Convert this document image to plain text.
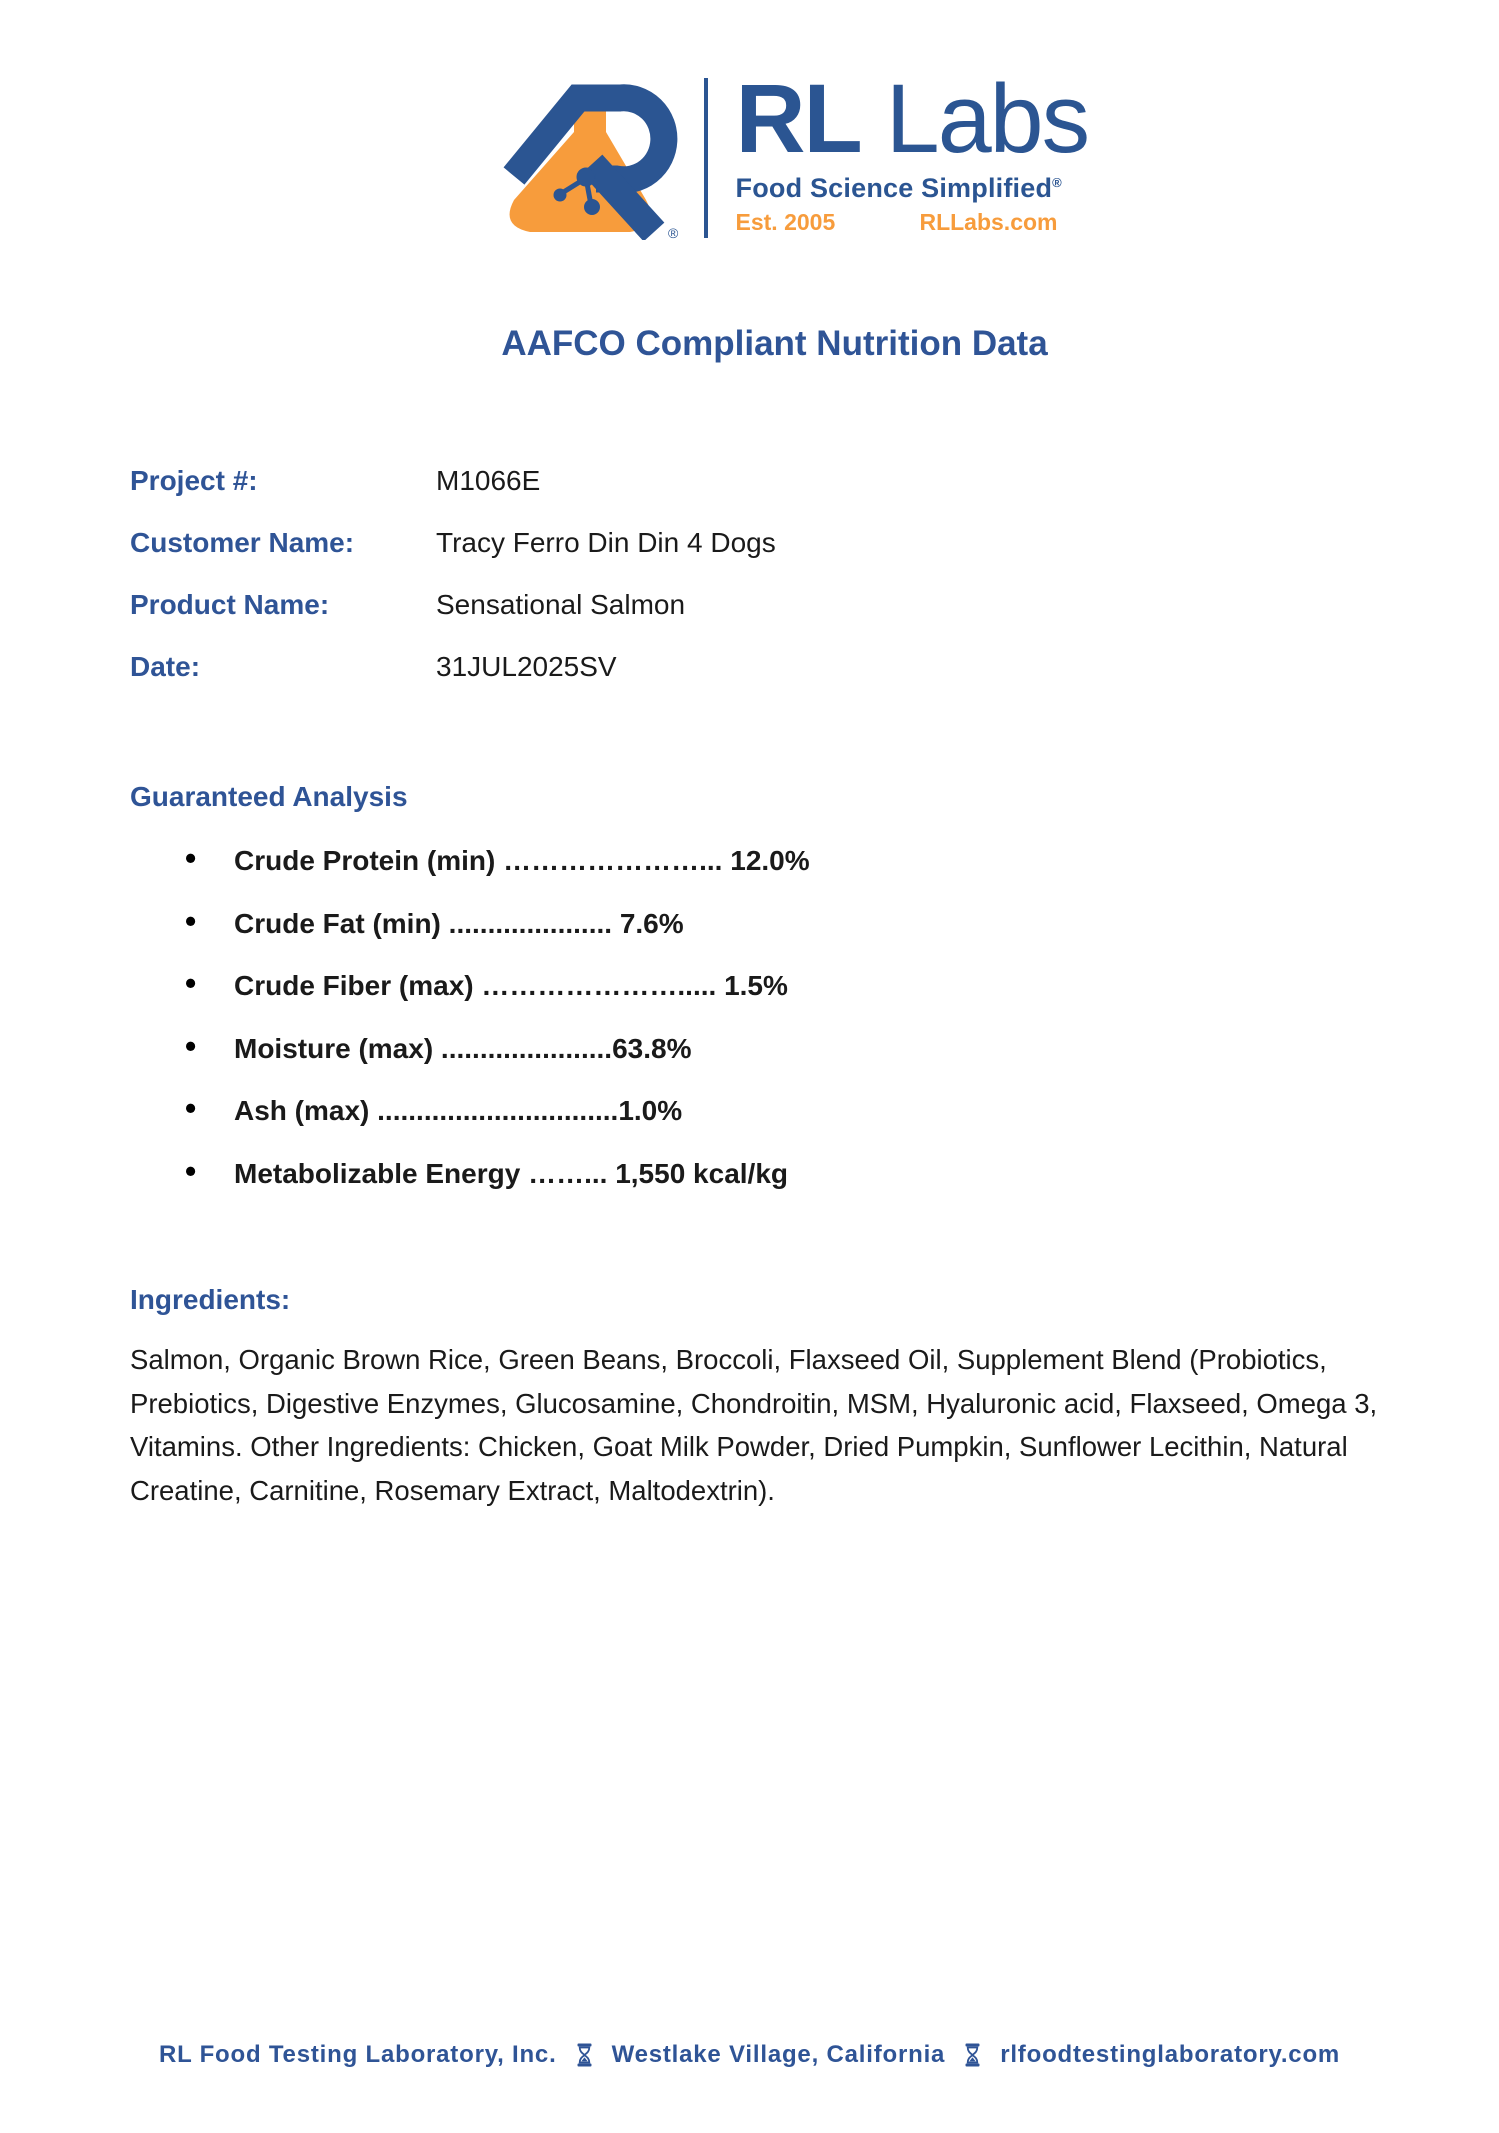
®
RL Labs
Food Science Simplified®
Est. 2005	RLLabs.com
AAFCO Compliant Nutrition Data
Project #:	M1066E
Customer Name:	Tracy Ferro Din Din 4 Dogs
Product Name:	Sensational Salmon
Date:	31JUL2025SV
Guaranteed Analysis
• Crude Protein (min) …………………... 12.0%
• Crude Fat (min) ..................... 7.6%
• Crude Fiber (max) …………………..... 1.5%
• Moisture (max) ......................63.8%
• Ash (max) ...............................1.0%
• Metabolizable Energy ……... 1,550 kcal/kg
Ingredients:

Salmon, Organic Brown Rice, Green Beans, Broccoli, Flaxseed Oil, Supplement Blend (Probiotics, Prebiotics, Digestive Enzymes, Glucosamine, Chondroitin, MSM, Hyaluronic acid, Flaxseed, Omega 3, Vitamins. Other Ingredients: Chicken, Goat Milk Powder, Dried Pumpkin, Sunflower Lecithin, Natural Creatine, Carnitine, Rosemary Extract, Maltodextrin).

RL Food Testing Laboratory, Inc. Westlake Village, California rlfoodtestinglaboratory.com
